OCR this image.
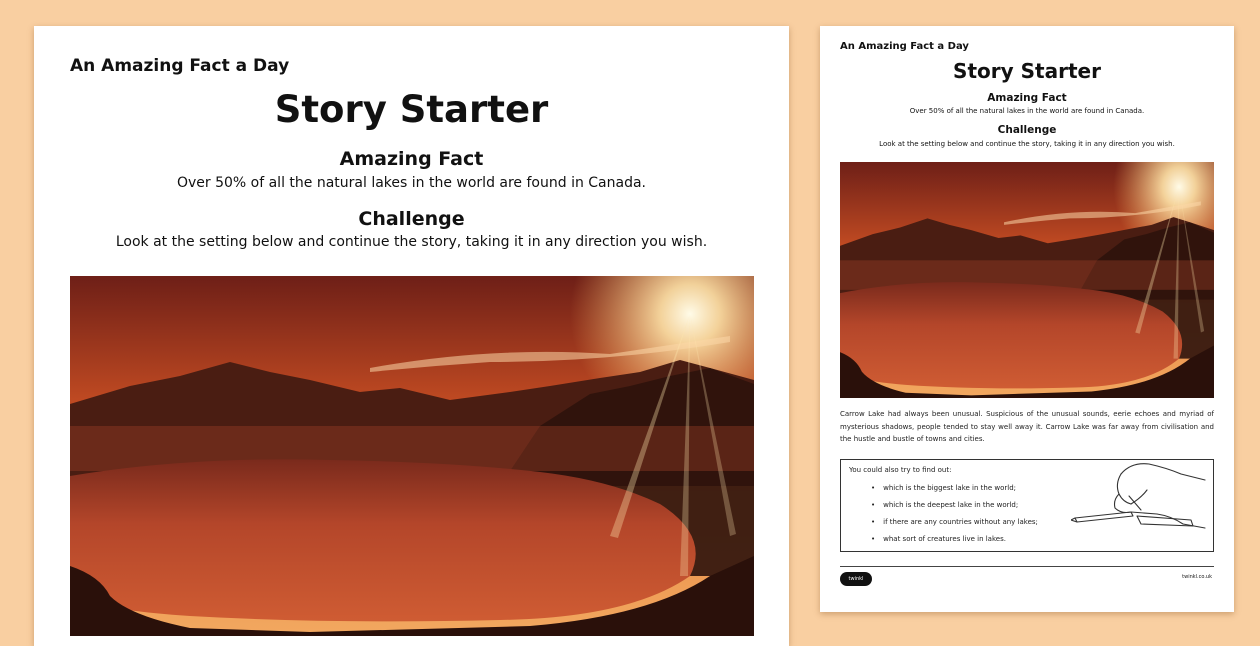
An Amazing Fact a Day
Story Starter
Amazing Fact
Over 50% of all the natural lakes in the world are found in Canada.
Challenge
Look at the setting below and continue the story, taking it in any direction you wish.
An Amazing Fact a Day
Story Starter
Amazing Fact
Over 50% of all the natural lakes in the world are found in Canada.
Challenge
Look at the setting below and continue the story, taking it in any direction you wish.
Carrow Lake had always been unusual. Suspicious of the unusual sounds, eerie echoes and myriad of mysterious shadows, people tended to stay well away it. Carrow Lake was far away from civilisation and the hustle and bustle of towns and cities.
You could also try to find out:
• which is the biggest lake in the world;
• which is the deepest lake in the world;
• if there are any countries without any lakes;
• what sort of creatures live in lakes.
twinkl	twinkl.co.uk
